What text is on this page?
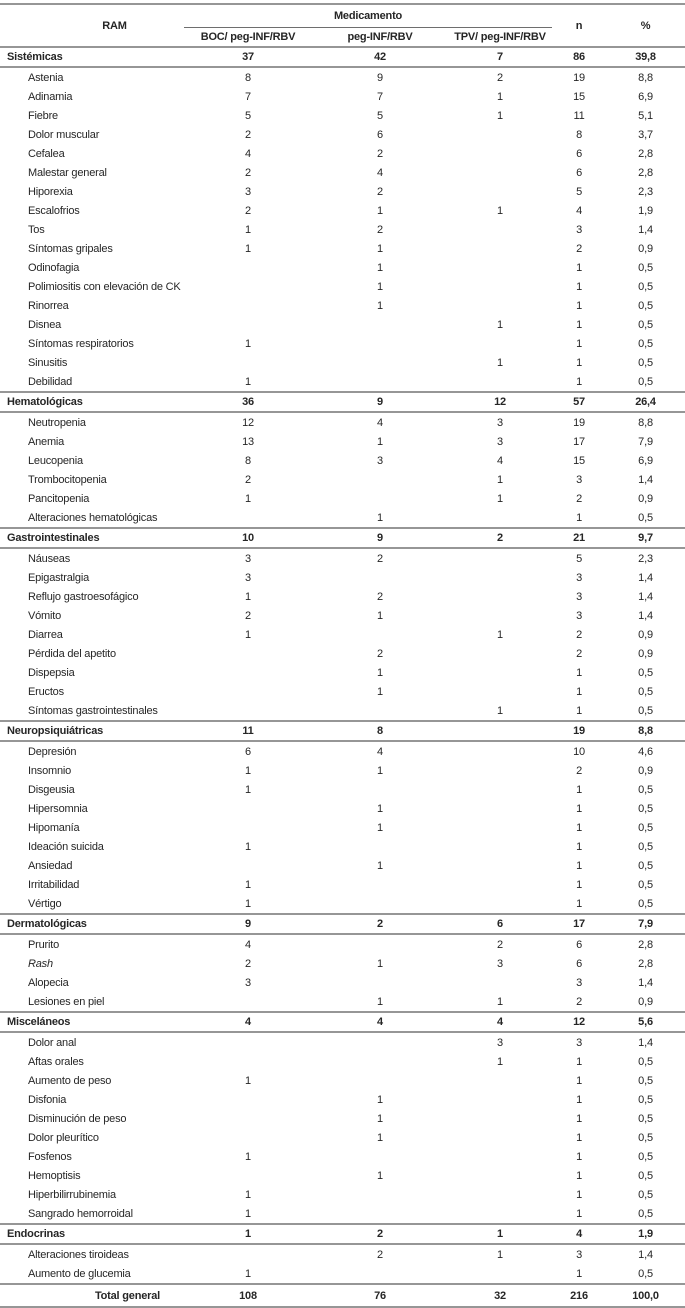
RAM	Medicamento			n	%
	BOC/ peg-INF/RBV	peg-INF/RBV	TPV/ peg-INF/RBV		
Sistémicas	37	42	7	86	39,8
Astenia	8	9	2	19	8,8
Adinamia	7	7	1	15	6,9
Fiebre	5	5	1	11	5,1
Dolor muscular	2	6		8	3,7
Cefalea	4	2		6	2,8
Malestar general	2	4		6	2,8
Hiporexia	3	2		5	2,3
Escalofrios	2	1	1	4	1,9
Tos	1	2		3	1,4
Síntomas gripales	1	1		2	0,9
Odinofagia		1		1	0,5
Polimiositis con elevación de CK		1		1	0,5
Rinorrea		1		1	0,5
Disnea			1	1	0,5
Síntomas respiratorios	1			1	0,5
Sinusitis			1	1	0,5
Debilidad	1			1	0,5
Hematológicas	36	9	12	57	26,4
Neutropenia	12	4	3	19	8,8
Anemia	13	1	3	17	7,9
Leucopenia	8	3	4	15	6,9
Trombocitopenia	2		1	3	1,4
Pancitopenia	1		1	2	0,9
Alteraciones hematológicas		1		1	0,5
Gastrointestinales	10	9	2	21	9,7
Náuseas	3	2		5	2,3
Epigastralgia	3			3	1,4
Reflujo gastroesofágico	1	2		3	1,4
Vómito	2	1		3	1,4
Diarrea	1		1	2	0,9
Pérdida del apetito		2		2	0,9
Dispepsia		1		1	0,5
Eructos		1		1	0,5
Síntomas gastrointestinales			1	1	0,5
Neuropsiquiátricas	11	8		19	8,8
Depresión	6	4		10	4,6
Insomnio	1	1		2	0,9
Disgeusia	1			1	0,5
Hipersomnia		1		1	0,5
Hipomanía		1		1	0,5
Ideación suicida	1			1	0,5
Ansiedad		1		1	0,5
Irritabilidad	1			1	0,5
Vértigo	1			1	0,5
Dermatológicas	9	2	6	17	7,9
Prurito	4		2	6	2,8
Rash	2	1	3	6	2,8
Alopecia	3			3	1,4
Lesiones en piel		1	1	2	0,9
Misceláneos	4	4	4	12	5,6
Dolor anal			3	3	1,4
Aftas orales			1	1	0,5
Aumento de peso	1			1	0,5
Disfonia		1		1	0,5
Disminución de peso		1		1	0,5
Dolor pleurítico		1		1	0,5
Fosfenos	1			1	0,5
Hemoptisis		1		1	0,5
Hiperbilirrubinemia	1			1	0,5
Sangrado hemorroidal	1			1	0,5
Endocrinas	1	2	1	4	1,9
Alteraciones tiroideas		2	1	3	1,4
Aumento de glucemia	1			1	0,5
Total general	108	76	32	216	100,0
